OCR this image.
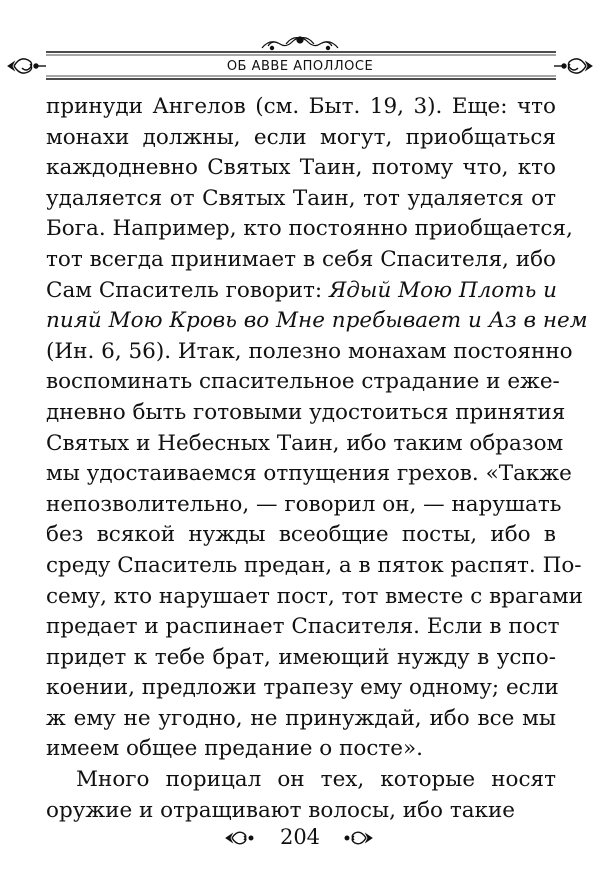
ОБ АВВЕ АПОЛЛОСЕ
принуди Ангелов (см. Быт. 19, 3). Еще: что
монахи должны, если могут, приобщаться
каждодневно Святых Таин, потому что, кто
удаляется от Святых Таин, тот удаляется от
Бога. Например, кто постоянно приобщается,
тот всегда принимает в себя Спасителя, ибо
Сам Спаситель говорит: Ядый Мою Плоть и
пияй Мою Кровь во Мне пребывает и Аз в нем
(Ин. 6, 56). Итак, полезно монахам постоянно
воспоминать спасительное страдание и еже-
дневно быть готовыми удостоиться принятия
Святых и Небесных Таин, ибо таким образом
мы удостаиваемся отпущения грехов. «Также
непозволительно, — говорил он, — нарушать
без всякой нужды всеобщие посты, ибо в
среду Спаситель предан, а в пяток распят. По-
сему, кто нарушает пост, тот вместе с врагами
предает и распинает Спасителя. Если в пост
придет к тебе брат, имеющий нужду в успо-
коении, предложи трапезу ему одному; если
ж ему не угодно, не принуждай, ибо все мы
имеем общее предание о посте».
Много порицал он тех, которые носят
оружие и отращивают волосы, ибо такие
204
